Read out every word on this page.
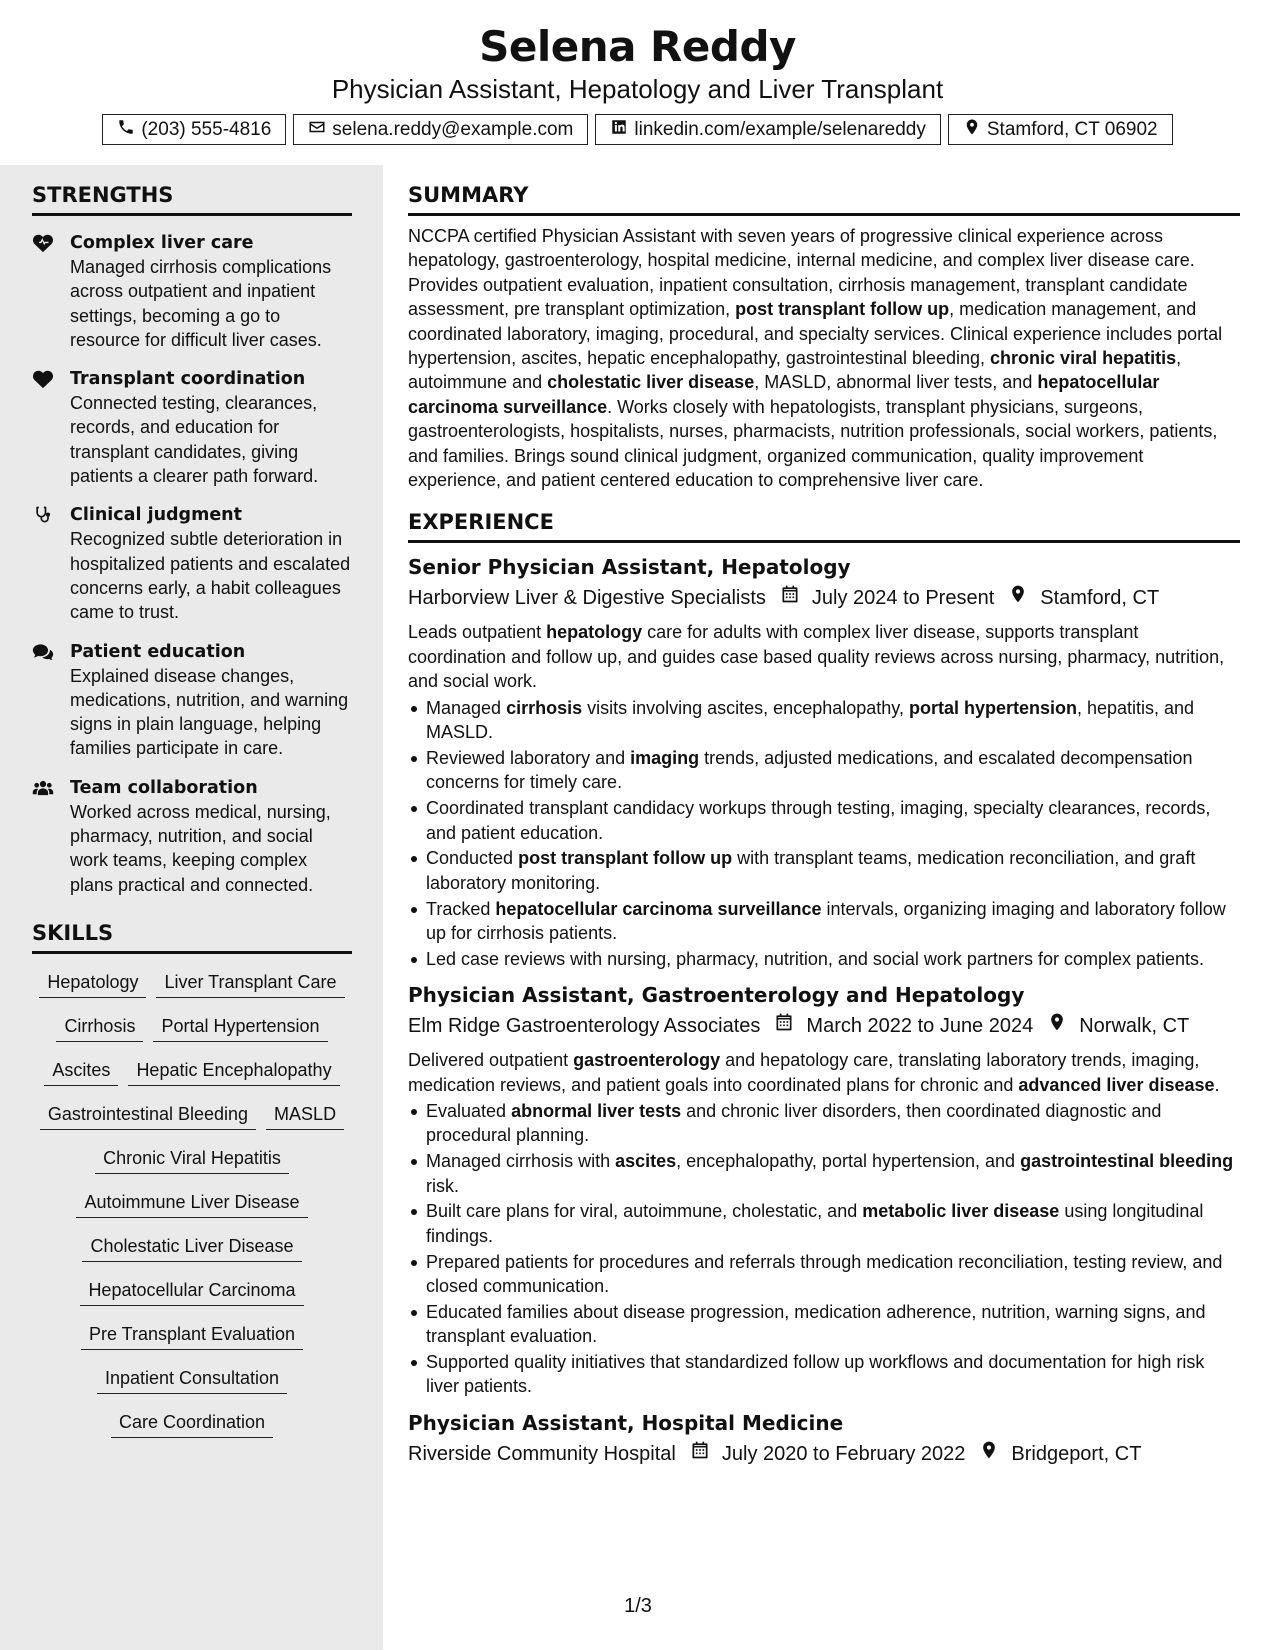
Selena Reddy
Physician Assistant, Hepatology and Liver Transplant
(203) 555-4816	selena.reddy@example.com	linkedin.com/example/selenareddy	Stamford, CT 06902
STRENGTHS
Complex liver care
Managed cirrhosis complications across outpatient and inpatient settings, becoming a go to resource for difficult liver cases.
Transplant coordination
Connected testing, clearances, records, and education for transplant candidates, giving patients a clearer path forward.
Clinical judgment
Recognized subtle deterioration in hospitalized patients and escalated concerns early, a habit colleagues came to trust.
Patient education
Explained disease changes, medications, nutrition, and warning signs in plain language, helping families participate in care.
Team collaboration
Worked across medical, nursing, pharmacy, nutrition, and social work teams, keeping complex plans practical and connected.
SKILLS
Hepatology	Liver Transplant Care
Cirrhosis	Portal Hypertension
Ascites	Hepatic Encephalopathy
Gastrointestinal Bleeding	MASLD
Chronic Viral Hepatitis
Autoimmune Liver Disease
Cholestatic Liver Disease
Hepatocellular Carcinoma
Pre Transplant Evaluation
Inpatient Consultation
Care Coordination
SUMMARY
NCCPA certified Physician Assistant with seven years of progressive clinical experience across hepatology, gastroenterology, hospital medicine, internal medicine, and complex liver disease care. Provides outpatient evaluation, inpatient consultation, cirrhosis management, transplant candidate assessment, pre transplant optimization, post transplant follow up, medication management, and coordinated laboratory, imaging, procedural, and specialty services. Clinical experience includes portal hypertension, ascites, hepatic encephalopathy, gastrointestinal bleeding, chronic viral hepatitis, autoimmune and cholestatic liver disease, MASLD, abnormal liver tests, and hepatocellular carcinoma surveillance. Works closely with hepatologists, transplant physicians, surgeons, gastroenterologists, hospitalists, nurses, pharmacists, nutrition professionals, social workers, patients, and families. Brings sound clinical judgment, organized communication, quality improvement experience, and patient centered education to comprehensive liver care.
EXPERIENCE
Senior Physician Assistant, Hepatology
Harborview Liver & Digestive Specialists July 2024 to Present Stamford, CT
Leads outpatient hepatology care for adults with complex liver disease, supports transplant coordination and follow up, and guides case based quality reviews across nursing, pharmacy, nutrition, and social work.
Managed cirrhosis visits involving ascites, encephalopathy, portal hypertension, hepatitis, and MASLD.
Reviewed laboratory and imaging trends, adjusted medications, and escalated decompensation concerns for timely care.
Coordinated transplant candidacy workups through testing, imaging, specialty clearances, records, and patient education.
Conducted post transplant follow up with transplant teams, medication reconciliation, and graft laboratory monitoring.
Tracked hepatocellular carcinoma surveillance intervals, organizing imaging and laboratory follow up for cirrhosis patients.
Led case reviews with nursing, pharmacy, nutrition, and social work partners for complex patients.
Physician Assistant, Gastroenterology and Hepatology
Elm Ridge Gastroenterology Associates March 2022 to June 2024 Norwalk, CT
Delivered outpatient gastroenterology and hepatology care, translating laboratory trends, imaging, medication reviews, and patient goals into coordinated plans for chronic and advanced liver disease.
Evaluated abnormal liver tests and chronic liver disorders, then coordinated diagnostic and procedural planning.
Managed cirrhosis with ascites, encephalopathy, portal hypertension, and gastrointestinal bleeding risk.
Built care plans for viral, autoimmune, cholestatic, and metabolic liver disease using longitudinal findings.
Prepared patients for procedures and referrals through medication reconciliation, testing review, and closed communication.
Educated families about disease progression, medication adherence, nutrition, warning signs, and transplant evaluation.
Supported quality initiatives that standardized follow up workflows and documentation for high risk liver patients.
Physician Assistant, Hospital Medicine
Riverside Community Hospital July 2020 to February 2022 Bridgeport, CT
1/3
